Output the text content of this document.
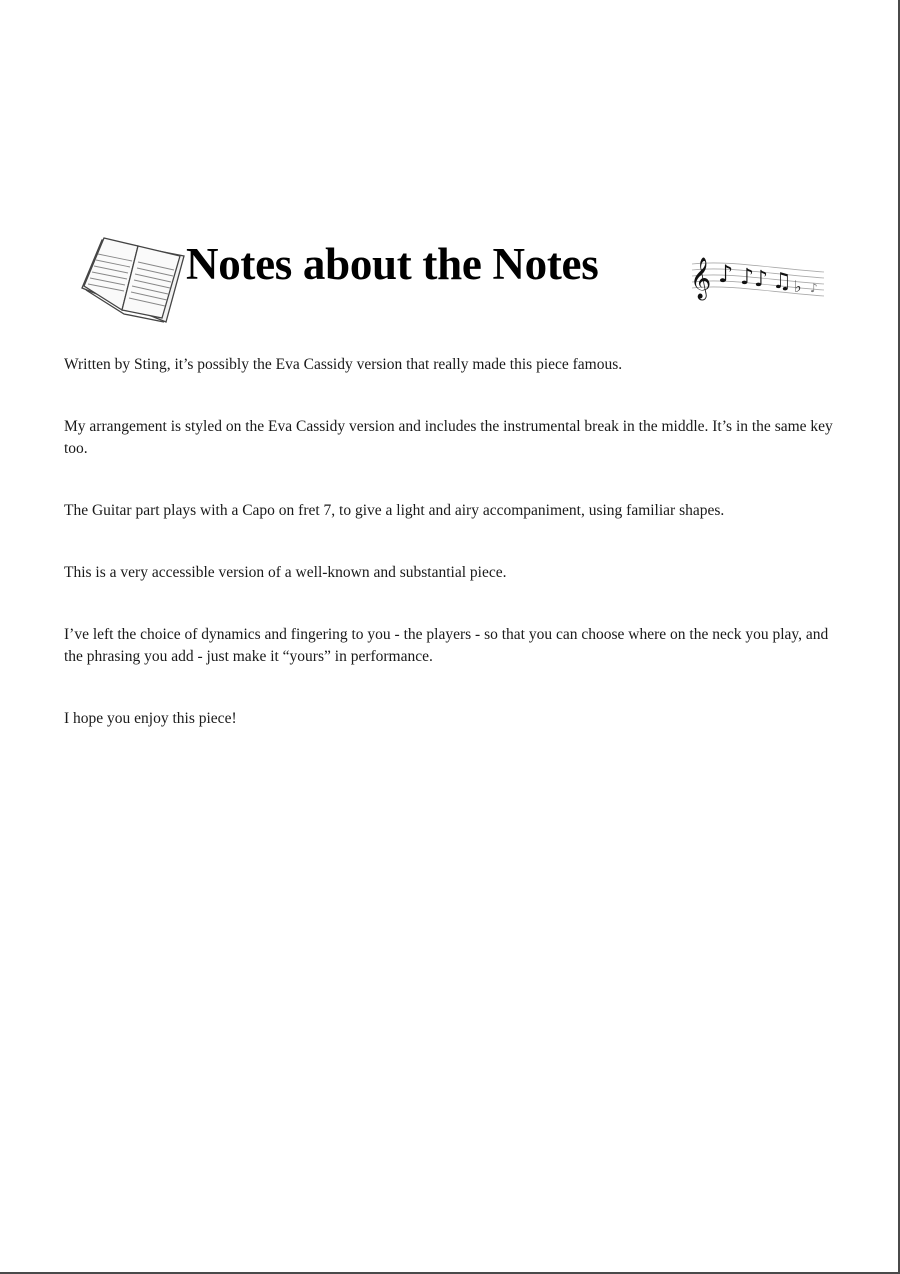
Notes about the Notes	𝄞 ♪ ♪ ♪ ♫ ♭ ♪

Written by Sting, it’s possibly the Eva Cassidy version that really made this piece famous.

My arrangement is styled on the Eva Cassidy version and includes the instrumental break in the middle. It’s in the same key too.

The Guitar part plays with a Capo on fret 7, to give a light and airy accompaniment, using familiar shapes.

This is a very accessible version of a well-known and substantial piece.

I’ve left the choice of dynamics and fingering to you - the players - so that you can choose where on the neck you play, and the phrasing you add - just make it “yours” in performance.

I hope you enjoy this piece!
